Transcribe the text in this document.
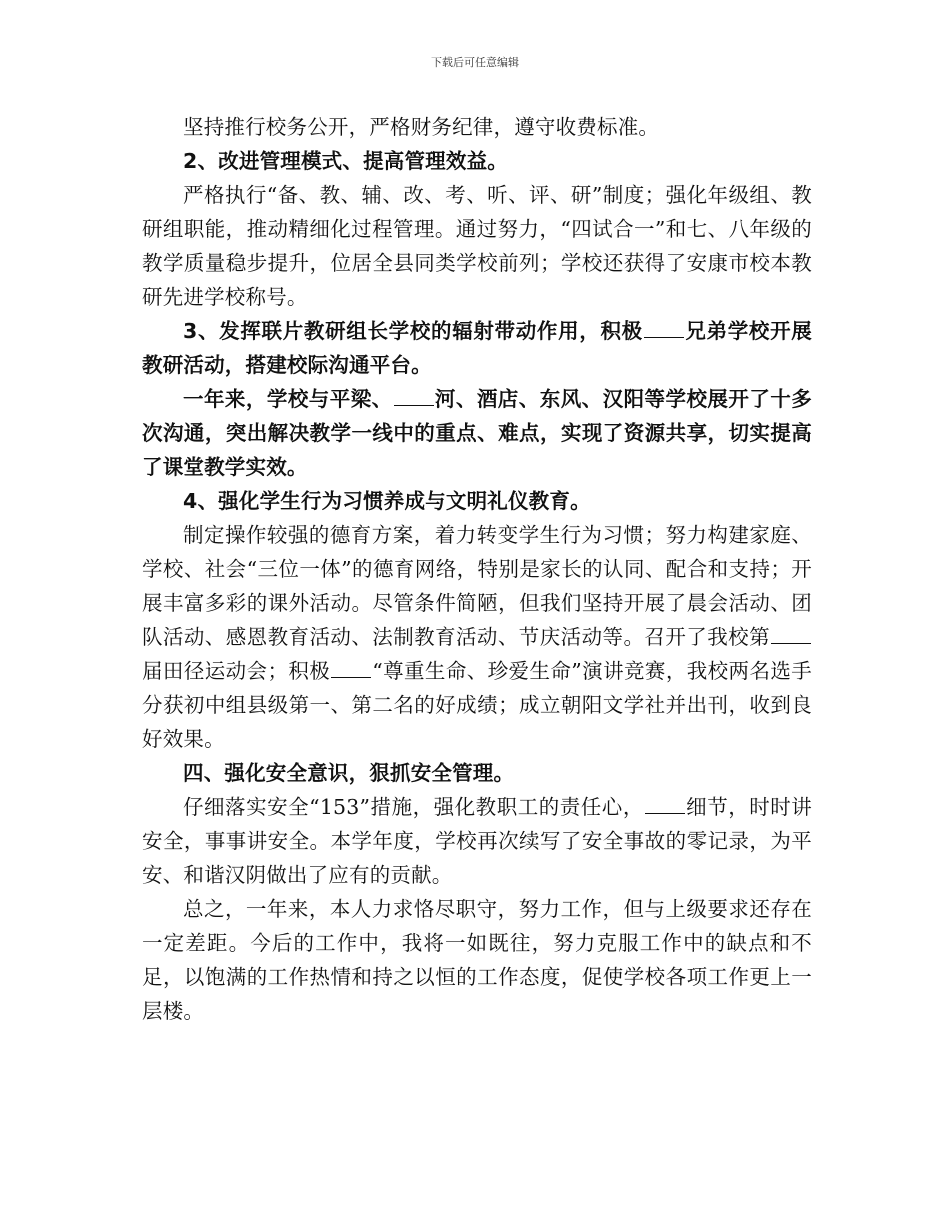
下载后可任意编辑

坚持推行校务公开，严格财务纪律，遵守收费标准。

2、改进管理模式、提高管理效益。

严格执行“备、教、辅、改、考、听、评、研”制度；强化年级组、教研组职能，推动精细化过程管理。通过努力，“四试合一”和七、八年级的教学质量稳步提升，位居全县同类学校前列；学校还获得了安康市校本教研先进学校称号。

3、发挥联片教研组长学校的辐射带动作用，积极 兄弟学校开展教研活动，搭建校际沟通平台。

一年来，学校与平梁、 河、酒店、东风、汉阳等学校展开了十多次沟通，突出解决教学一线中的重点、难点，实现了资源共享，切实提高了课堂教学实效。

4、强化学生行为习惯养成与文明礼仪教育。

制定操作较强的德育方案，着力转变学生行为习惯；努力构建家庭、学校、社会“三位一体”的德育网络，特别是家长的认同、配合和支持；开展丰富多彩的课外活动。尽管条件简陋，但我们坚持开展了晨会活动、团队活动、感恩教育活动、法制教育活动、节庆活动等。召开了我校第届田径运动会；积极 “尊重生命、珍爱生命”演讲竞赛，我校两名选手分获初中组县级第一、第二名的好成绩；成立朝阳文学社并出刊，收到良好效果。

四、强化安全意识，狠抓安全管理。

仔细落实安全“153”措施，强化教职工的责任心， 细节，时时讲安全，事事讲安全。本学年度，学校再次续写了安全事故的零记录，为平安、和谐汉阴做出了应有的贡献。

总之，一年来，本人力求恪尽职守，努力工作，但与上级要求还存在一定差距。今后的工作中，我将一如既往，努力克服工作中的缺点和不足，以饱满的工作热情和持之以恒的工作态度，促使学校各项工作更上一层楼。
